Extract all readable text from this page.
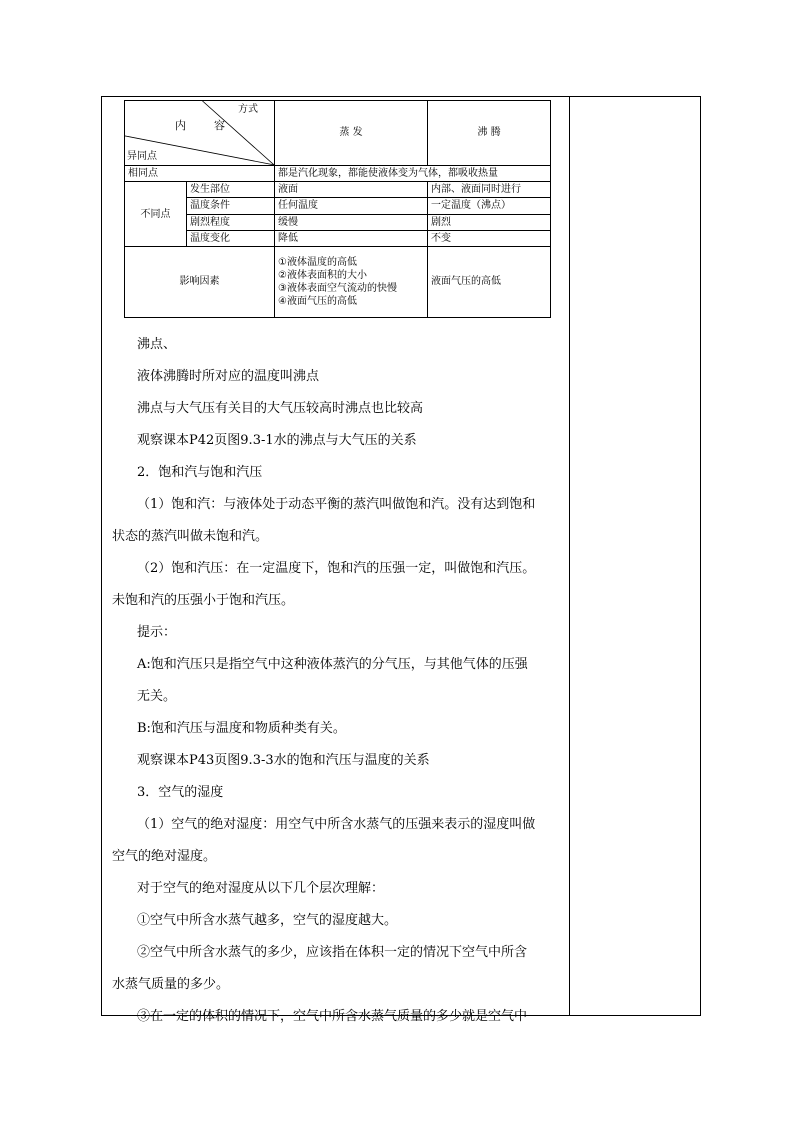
方式
内容
异同点		蒸 发	沸 腾
相同点		都是汽化现象，都能使液体变为气体，都吸收热量	
不同点	发生部位	液面	内部、液面同时进行
	温度条件	任何温度	一定温度（沸点）
	剧烈程度	缓慢	剧烈
	温度变化	降低	不变
影响因素		①液体温度的高低
②液体表面积的大小
③液体表面空气流动的快慢
④液面气压的高低	液面气压的高低

沸点、

液体沸腾时所对应的温度叫沸点

沸点与大气压有关目的大气压较高时沸点也比较高

观察课本P42页图9.3-1水的沸点与大气压的关系

2．饱和汽与饱和汽压

（1）饱和汽：与液体处于动态平衡的蒸汽叫做饱和汽。没有达到饱和

状态的蒸汽叫做未饱和汽。

（2）饱和汽压：在一定温度下，饱和汽的压强一定，叫做饱和汽压。

未饱和汽的压强小于饱和汽压。

提示：

A:饱和汽压只是指空气中这种液体蒸汽的分气压，与其他气体的压强

无关。

B:饱和汽压与温度和物质种类有关。

观察课本P43页图9.3-3水的饱和汽压与温度的关系

3．空气的湿度

（1）空气的绝对湿度：用空气中所含水蒸气的压强来表示的湿度叫做

空气的绝对湿度。

对于空气的绝对湿度从以下几个层次理解：

①空气中所含水蒸气越多，空气的湿度越大。

②空气中所含水蒸气的多少，应该指在体积一定的情况下空气中所含

水蒸气质量的多少。

③在一定的体积的情况下，空气中所含水蒸气质量的多少就是空气中
